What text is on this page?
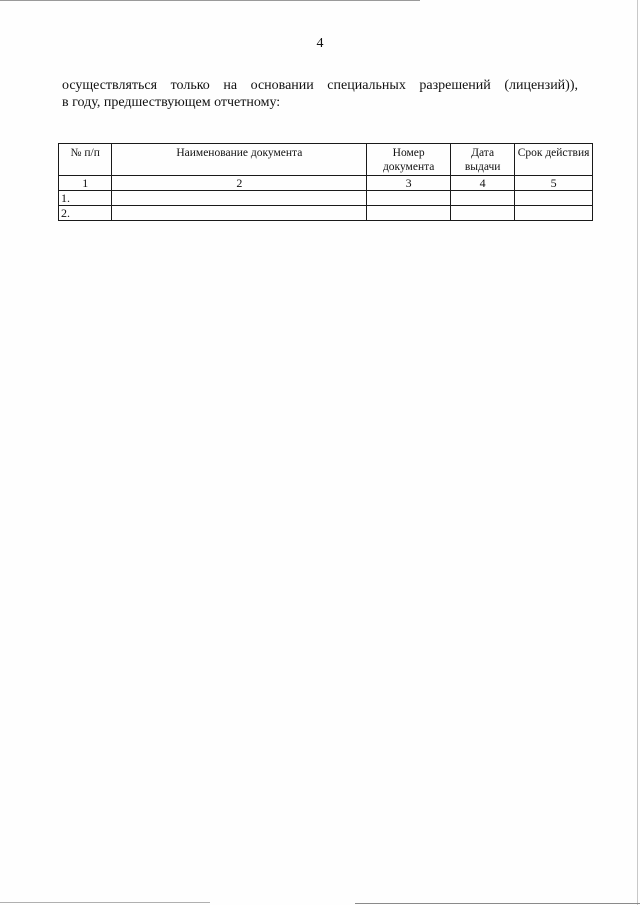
4
осуществляться только на основании специальных разрешений (лицензий)),
в году, предшествующем отчетному:
№ п/п	Наименование документа	Номер документа	Дата выдачи	Срок действия
1	2	3	4	5
1.				
2.				
